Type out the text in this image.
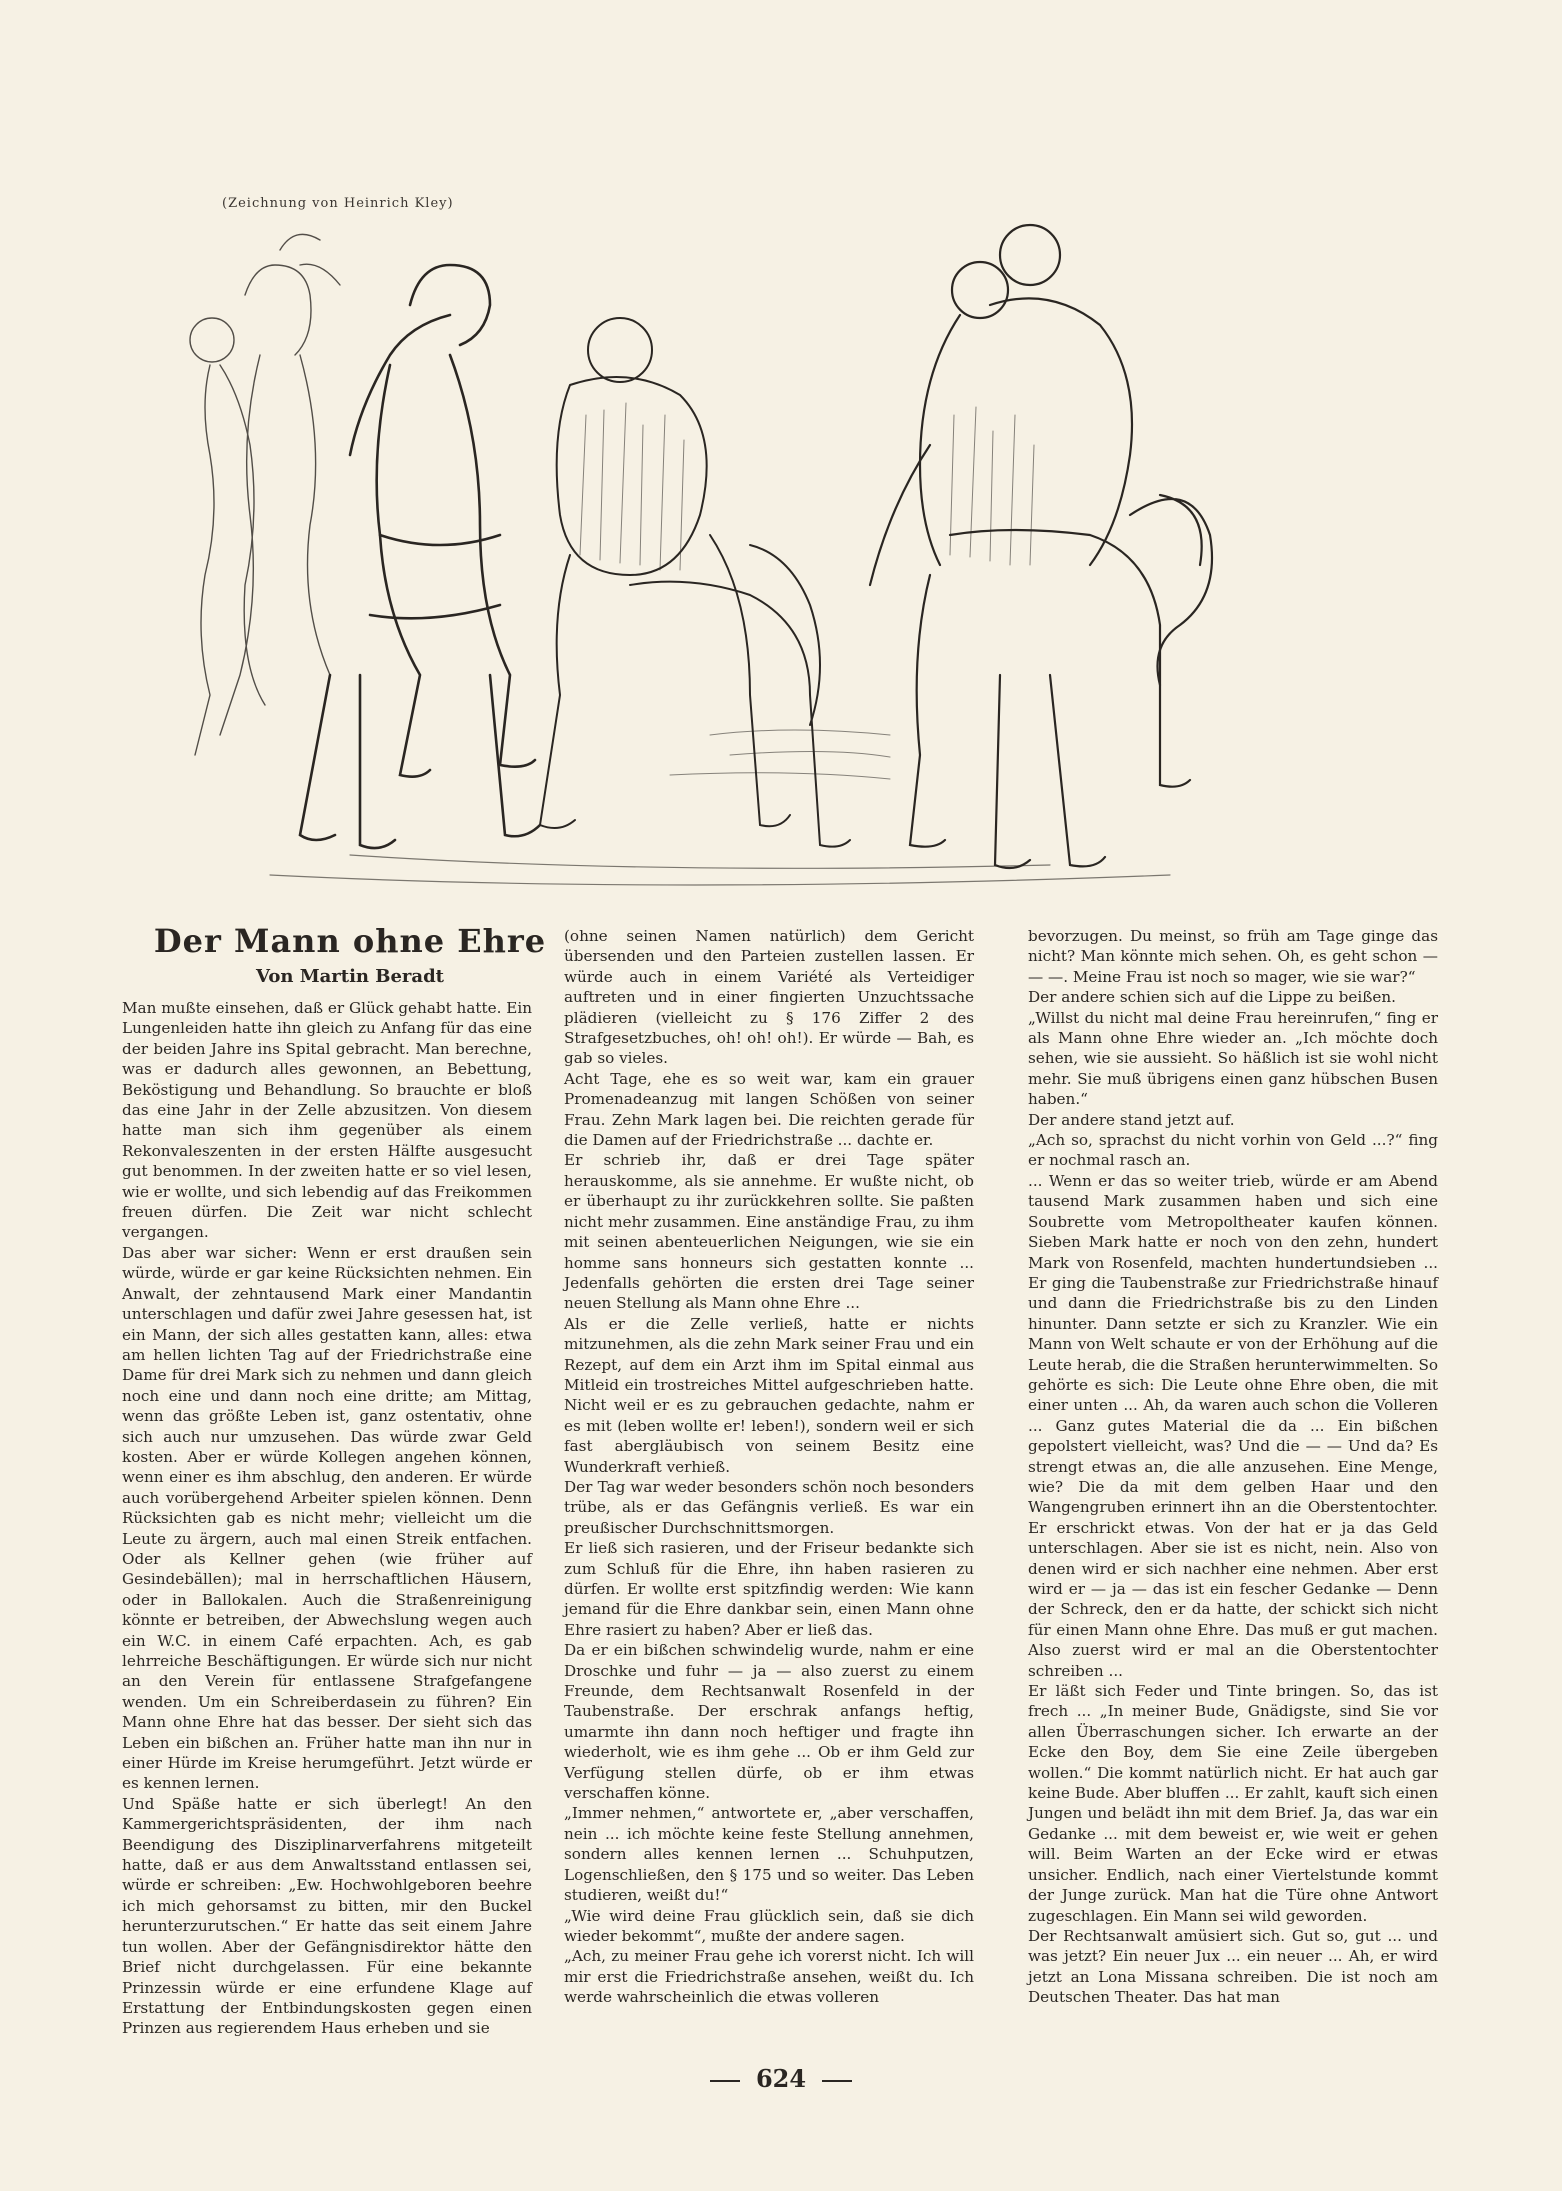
(Zeichnung von Heinrich Kley)
Der Mann ohne Ehre
Von Martin Beradt

Man mußte einsehen, daß er Glück gehabt hatte. Ein Lungenleiden hatte ihn gleich zu Anfang für das eine der beiden Jahre ins Spital gebracht. Man berechne, was er dadurch alles gewonnen, an Bebettung, Beköstigung und Behandlung. So brauchte er bloß das eine Jahr in der Zelle abzusitzen. Von diesem hatte man sich ihm gegenüber als einem Rekonvaleszenten in der ersten Hälfte ausgesucht gut benommen. In der zweiten hatte er so viel lesen, wie er wollte, und sich lebendig auf das Freikommen freuen dürfen. Die Zeit war nicht schlecht vergangen.

Das aber war sicher: Wenn er erst draußen sein würde, würde er gar keine Rücksichten nehmen. Ein Anwalt, der zehntausend Mark einer Mandantin unterschlagen und dafür zwei Jahre gesessen hat, ist ein Mann, der sich alles gestatten kann, alles: etwa am hellen lichten Tag auf der Friedrichstraße eine Dame für drei Mark sich zu nehmen und dann gleich noch eine und dann noch eine dritte; am Mittag, wenn das größte Leben ist, ganz ostentativ, ohne sich auch nur umzusehen. Das würde zwar Geld kosten. Aber er würde Kollegen angehen können, wenn einer es ihm abschlug, den anderen. Er würde auch vorübergehend Arbeiter spielen können. Denn Rücksichten gab es nicht mehr; vielleicht um die Leute zu ärgern, auch mal einen Streik entfachen. Oder als Kellner gehen (wie früher auf Gesindebällen); mal in herrschaftlichen Häusern, oder in Ballokalen. Auch die Straßenreinigung könnte er betreiben, der Abwechslung wegen auch ein W.C. in einem Café erpachten. Ach, es gab lehrreiche Beschäftigungen. Er würde sich nur nicht an den Verein für entlassene Strafgefangene wenden. Um ein Schreiberdasein zu führen? Ein Mann ohne Ehre hat das besser. Der sieht sich das Leben ein bißchen an. Früher hatte man ihn nur in einer Hürde im Kreise herumgeführt. Jetzt würde er es kennen lernen.

Und Späße hatte er sich überlegt! An den Kammergerichtspräsidenten, der ihm nach Beendigung des Disziplinarverfahrens mitgeteilt hatte, daß er aus dem Anwaltsstand entlassen sei, würde er schreiben: „Ew. Hochwohlgeboren beehre ich mich gehorsamst zu bitten, mir den Buckel herunterzurutschen.“ Er hatte das seit einem Jahre tun wollen. Aber der Gefängnisdirektor hätte den Brief nicht durchgelassen. Für eine bekannte Prinzessin würde er eine erfundene Klage auf Erstattung der Entbindungskosten gegen einen Prinzen aus regierendem Haus erheben und sie

(ohne seinen Namen natürlich) dem Gericht übersenden und den Parteien zustellen lassen. Er würde auch in einem Variété als Verteidiger auftreten und in einer fingierten Unzuchtssache plädieren (vielleicht zu § 176 Ziffer 2 des Strafgesetzbuches, oh! oh! oh!). Er würde — Bah, es gab so vieles.

Acht Tage, ehe es so weit war, kam ein grauer Promenadeanzug mit langen Schößen von seiner Frau. Zehn Mark lagen bei. Die reichten gerade für die Damen auf der Friedrichstraße ... dachte er.

Er schrieb ihr, daß er drei Tage später herauskomme, als sie annehme. Er wußte nicht, ob er überhaupt zu ihr zurückkehren sollte. Sie paßten nicht mehr zusammen. Eine anständige Frau, zu ihm mit seinen abenteuerlichen Neigungen, wie sie ein homme sans honneurs sich gestatten konnte ... Jedenfalls gehörten die ersten drei Tage seiner neuen Stellung als Mann ohne Ehre ...

Als er die Zelle verließ, hatte er nichts mitzunehmen, als die zehn Mark seiner Frau und ein Rezept, auf dem ein Arzt ihm im Spital einmal aus Mitleid ein trostreiches Mittel aufgeschrieben hatte. Nicht weil er es zu gebrauchen gedachte, nahm er es mit (leben wollte er! leben!), sondern weil er sich fast abergläubisch von seinem Besitz eine Wunderkraft verhieß.

Der Tag war weder besonders schön noch besonders trübe, als er das Gefängnis verließ. Es war ein preußischer Durchschnittsmorgen.

Er ließ sich rasieren, und der Friseur bedankte sich zum Schluß für die Ehre, ihn haben rasieren zu dürfen. Er wollte erst spitzfindig werden: Wie kann jemand für die Ehre dankbar sein, einen Mann ohne Ehre rasiert zu haben? Aber er ließ das.

Da er ein bißchen schwindelig wurde, nahm er eine Droschke und fuhr — ja — also zuerst zu einem Freunde, dem Rechtsanwalt Rosenfeld in der Taubenstraße. Der erschrak anfangs heftig, umarmte ihn dann noch heftiger und fragte ihn wiederholt, wie es ihm gehe ... Ob er ihm Geld zur Verfügung stellen dürfe, ob er ihm etwas verschaffen könne.

„Immer nehmen,“ antwortete er, „aber verschaffen, nein ... ich möchte keine feste Stellung annehmen, sondern alles kennen lernen ... Schuhputzen, Logenschließen, den § 175 und so weiter. Das Leben studieren, weißt du!“

„Wie wird deine Frau glücklich sein, daß sie dich wieder bekommt“, mußte der andere sagen.

„Ach, zu meiner Frau gehe ich vorerst nicht. Ich will mir erst die Friedrichstraße ansehen, weißt du. Ich werde wahrscheinlich die etwas volleren

bevorzugen. Du meinst, so früh am Tage ginge das nicht? Man könnte mich sehen. Oh, es geht schon — — —. Meine Frau ist noch so mager, wie sie war?“

Der andere schien sich auf die Lippe zu beißen.

„Willst du nicht mal deine Frau hereinrufen,“ fing er als Mann ohne Ehre wieder an. „Ich möchte doch sehen, wie sie aussieht. So häßlich ist sie wohl nicht mehr. Sie muß übrigens einen ganz hübschen Busen haben.“

Der andere stand jetzt auf.

„Ach so, sprachst du nicht vorhin von Geld ...?“ fing er nochmal rasch an.

... Wenn er das so weiter trieb, würde er am Abend tausend Mark zusammen haben und sich eine Soubrette vom Metropoltheater kaufen können. Sieben Mark hatte er noch von den zehn, hundert Mark von Rosenfeld, machten hundertundsieben ... Er ging die Taubenstraße zur Friedrichstraße hinauf und dann die Friedrichstraße bis zu den Linden hinunter. Dann setzte er sich zu Kranzler. Wie ein Mann von Welt schaute er von der Erhöhung auf die Leute herab, die die Straßen herunterwimmelten. So gehörte es sich: Die Leute ohne Ehre oben, die mit einer unten ... Ah, da waren auch schon die Volleren ... Ganz gutes Material die da ... Ein bißchen gepolstert vielleicht, was? Und die — — Und da? Es strengt etwas an, die alle anzusehen. Eine Menge, wie? Die da mit dem gelben Haar und den Wangengruben erinnert ihn an die Oberstentochter. Er erschrickt etwas. Von der hat er ja das Geld unterschlagen. Aber sie ist es nicht, nein. Also von denen wird er sich nachher eine nehmen. Aber erst wird er — ja — das ist ein fescher Gedanke — Denn der Schreck, den er da hatte, der schickt sich nicht für einen Mann ohne Ehre. Das muß er gut machen. Also zuerst wird er mal an die Oberstentochter schreiben ...

Er läßt sich Feder und Tinte bringen. So, das ist frech ... „In meiner Bude, Gnädigste, sind Sie vor allen Überraschungen sicher. Ich erwarte an der Ecke den Boy, dem Sie eine Zeile übergeben wollen.“ Die kommt natürlich nicht. Er hat auch gar keine Bude. Aber bluffen ... Er zahlt, kauft sich einen Jungen und belädt ihn mit dem Brief. Ja, das war ein Gedanke ... mit dem beweist er, wie weit er gehen will. Beim Warten an der Ecke wird er etwas unsicher. Endlich, nach einer Viertelstunde kommt der Junge zurück. Man hat die Türe ohne Antwort zugeschlagen. Ein Mann sei wild geworden.

Der Rechtsanwalt amüsiert sich. Gut so, gut ... und was jetzt? Ein neuer Jux ... ein neuer ... Ah, er wird jetzt an Lona Missana schreiben. Die ist noch am Deutschen Theater. Das hat man

624
